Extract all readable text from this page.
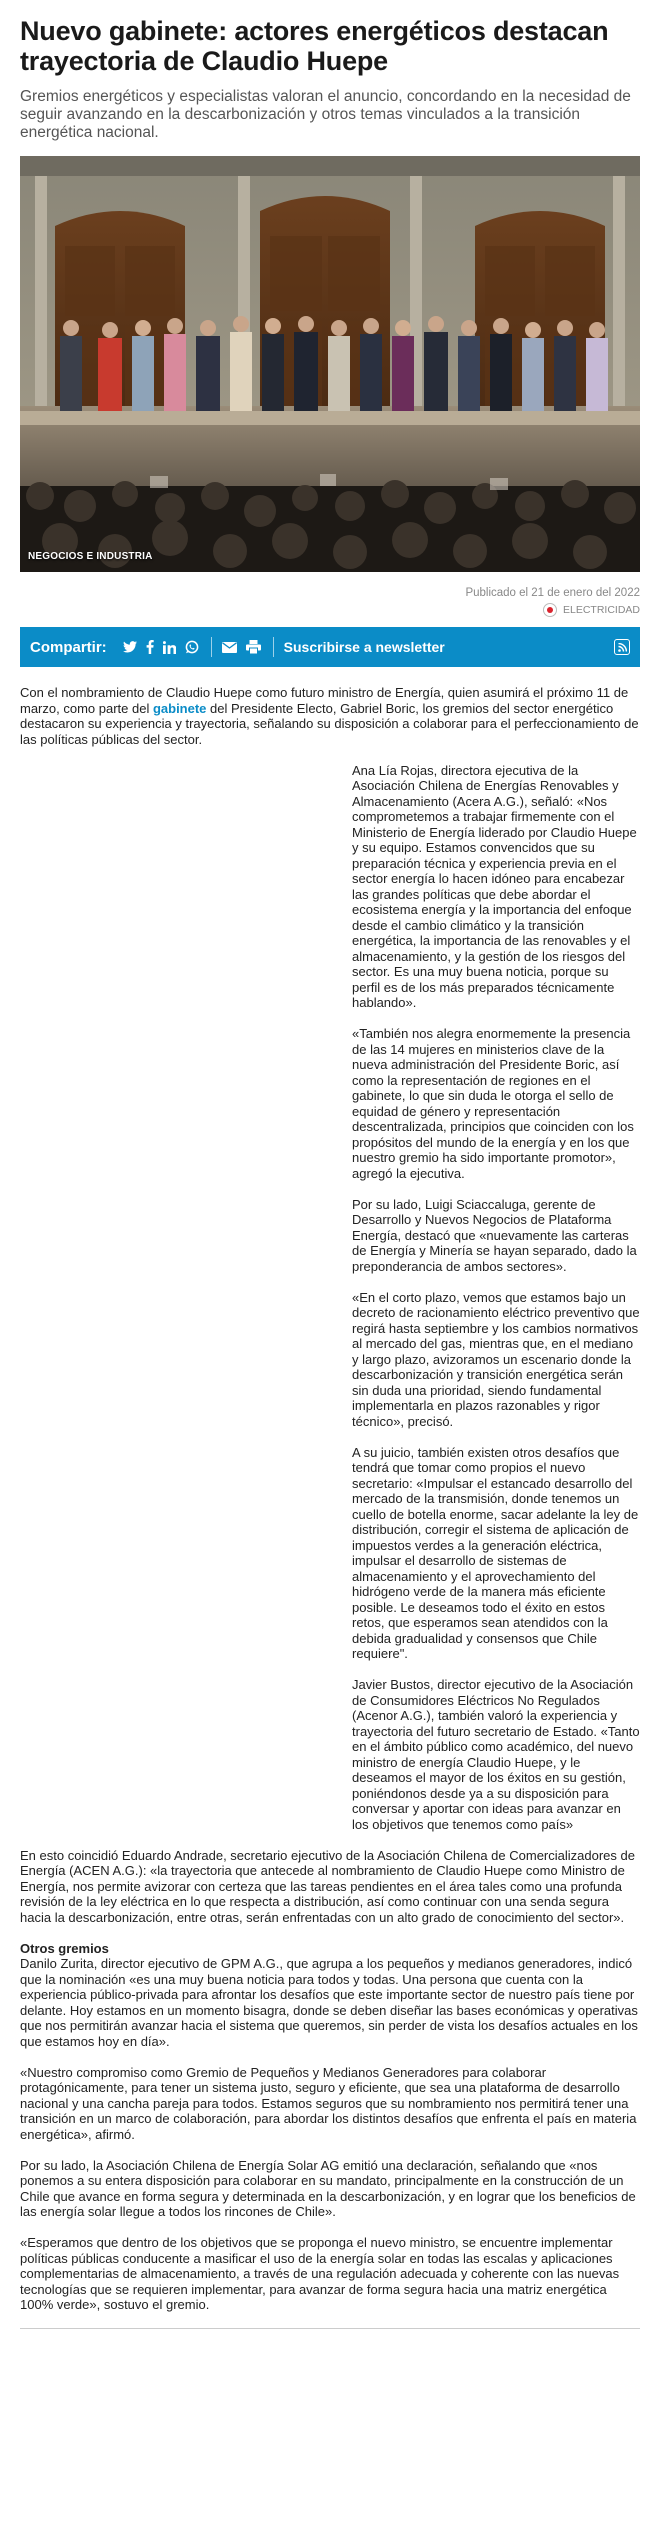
Nuevo gabinete: actores energéticos destacan trayectoria de Claudio Huepe

Gremios energéticos y especialistas valoran el anuncio, concordando en la necesidad de seguir avanzando en la descarbonización y otros temas vinculados a la transición energética nacional.

NEGOCIOS E INDUSTRIA
Publicado el 21 de enero del 2022
ELECTRICIDAD
Compartir:	Suscribirse a newsletter

Con el nombramiento de Claudio Huepe como futuro ministro de Energía, quien asumirá el próximo 11 de marzo, como parte del gabinete del Presidente Electo, Gabriel Boric, los gremios del sector energético destacaron su experiencia y trayectoria, señalando su disposición a colaborar para el perfeccionamiento de las políticas públicas del sector.

Ana Lía Rojas, directora ejecutiva de la Asociación Chilena de Energías Renovables y Almacenamiento (Acera A.G.), señaló: «Nos comprometemos a trabajar firmemente con el Ministerio de Energía liderado por Claudio Huepe y su equipo. Estamos convencidos que su preparación técnica y experiencia previa en el sector energía lo hacen idóneo para encabezar las grandes políticas que debe abordar el ecosistema energía y la importancia del enfoque desde el cambio climático y la transición energética, la importancia de las renovables y el almacenamiento, y la gestión de los riesgos del sector. Es una muy buena noticia, porque su perfil es de los más preparados técnicamente hablando».

«También nos alegra enormemente la presencia de las 14 mujeres en ministerios clave de la nueva administración del Presidente Boric, así como la representación de regiones en el gabinete, lo que sin duda le otorga el sello de equidad de género y representación descentralizada, principios que coinciden con los propósitos del mundo de la energía y en los que nuestro gremio ha sido importante promotor», agregó la ejecutiva.

Por su lado, Luigi Sciaccaluga, gerente de Desarrollo y Nuevos Negocios de Plataforma Energía, destacó que «nuevamente las carteras de Energía y Minería se hayan separado, dado la preponderancia de ambos sectores».

«En el corto plazo, vemos que estamos bajo un decreto de racionamiento eléctrico preventivo que regirá hasta septiembre y los cambios normativos al mercado del gas, mientras que, en el mediano y largo plazo, avizoramos un escenario donde la descarbonización y transición energética serán sin duda una prioridad, siendo fundamental implementarla en plazos razonables y rigor técnico», precisó.

A su juicio, también existen otros desafíos que tendrá que tomar como propios el nuevo secretario: «Impulsar el estancado desarrollo del mercado de la transmisión, donde tenemos un cuello de botella enorme, sacar adelante la ley de distribución, corregir el sistema de aplicación de impuestos verdes a la generación eléctrica, impulsar el desarrollo de sistemas de almacenamiento y el aprovechamiento del hidrógeno verde de la manera más eficiente posible. Le deseamos todo el éxito en estos retos, que esperamos sean atendidos con la debida gradualidad y consensos que Chile requiere".

Javier Bustos, director ejecutivo de la Asociación de Consumidores Eléctricos No Regulados (Acenor A.G.), también valoró la experiencia y trayectoria del futuro secretario de Estado. «Tanto en el ámbito público como académico, del nuevo ministro de energía Claudio Huepe, y le deseamos el mayor de los éxitos en su gestión, poniéndonos desde ya a su disposición para conversar y aportar con ideas para avanzar en los objetivos que tenemos como país»

En esto coincidió Eduardo Andrade, secretario ejecutivo de la Asociación Chilena de Comercializadores de Energía (ACEN A.G.): «la trayectoria que antecede al nombramiento de Claudio Huepe como Ministro de Energía, nos permite avizorar con certeza que las tareas pendientes en el área tales como una profunda revisión de la ley eléctrica en lo que respecta a distribución, así como continuar con una senda segura hacia la descarbonización, entre otras, serán enfrentadas con un alto grado de conocimiento del sector».

Otros gremios

Danilo Zurita, director ejecutivo de GPM A.G., que agrupa a los pequeños y medianos generadores, indicó que la nominación «es una muy buena noticia para todos y todas. Una persona que cuenta con la experiencia público-privada para afrontar los desafíos que este importante sector de nuestro país tiene por delante. Hoy estamos en un momento bisagra, donde se deben diseñar las bases económicas y operativas que nos permitirán avanzar hacia el sistema que queremos, sin perder de vista los desafíos actuales en los que estamos hoy en día».

«Nuestro compromiso como Gremio de Pequeños y Medianos Generadores para colaborar protagónicamente, para tener un sistema justo, seguro y eficiente, que sea una plataforma de desarrollo nacional y una cancha pareja para todos. Estamos seguros que su nombramiento nos permitirá tener una transición en un marco de colaboración, para abordar los distintos desafíos que enfrenta el país en materia energética», afirmó.

Por su lado, la Asociación Chilena de Energía Solar AG emitió una declaración, señalando que «nos ponemos a su entera disposición para colaborar en su mandato, principalmente en la construcción de un Chile que avance en forma segura y determinada en la descarbonización, y en lograr que los beneficios de las energía solar llegue a todos los rincones de Chile».

«Esperamos que dentro de los objetivos que se proponga el nuevo ministro, se encuentre implementar políticas públicas conducente a masificar el uso de la energía solar en todas las escalas y aplicaciones complementarias de almacenamiento, a través de una regulación adecuada y coherente con las nuevas tecnologías que se requieren implementar, para avanzar de forma segura hacia una matriz energética 100% verde», sostuvo el gremio.
